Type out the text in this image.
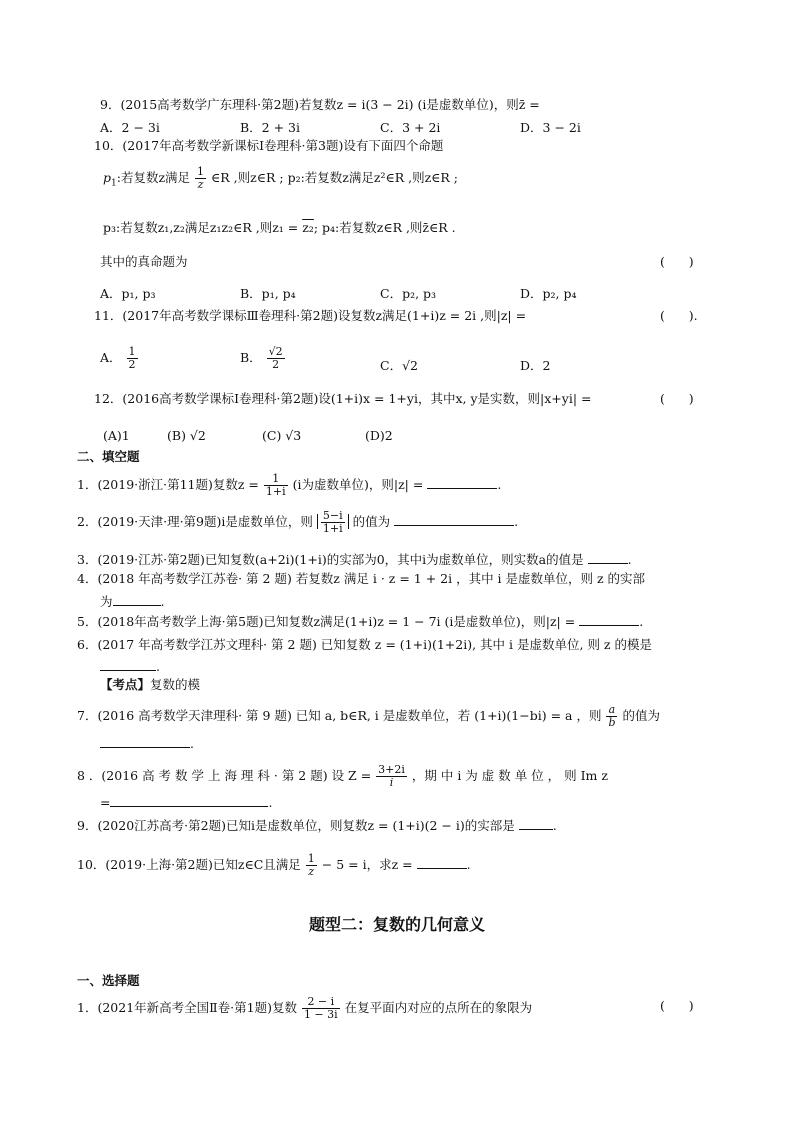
9．(2015高考数学广东理科·第2题)若复数z = i(3 − 2i) (i是虚数单位)，则z̄ =
A．2 − 3i	B．2 + 3i	C．3 + 2i	D．3 − 2i
10．(2017年高考数学新课标Ⅰ卷理科·第3题)设有下面四个命题
$p_1$:若复数z满足 $\frac{1}{z}$ ∈R ,则z∈R ; p₂:若复数z满足z²∈R ,则z∈R ;
p₃:若复数z₁,z₂满足z₁z₂∈R ,则z₁ = z₂; p₄:若复数z∈R ,则z̄∈R .
其中的真命题为	(      )
A．p₁, p₃	B．p₁, p₄	C．p₂, p₃	D．p₂, p₄
11．(2017年高考数学课标Ⅲ卷理科·第2题)设复数z满足(1+i)z = 2i ,则|z| =	(      ).
A． $\frac{1}{2}$	B． $\frac{√2}{2}$	C．√2	D．2
12．(2016高考数学课标Ⅰ卷理科·第2题)设(1+i)x = 1+yi，其中x, y是实数，则|x+yi| =	(      )
(A)1	(B) √2	(C) √3	(D)2
二、填空题
1．(2019·浙江·第11题)复数$z = \frac{1}{1+i} (i$为虚数单位)，则|z| =	.
2．(2019·天津·理·第9题)i是虚数单位，则 $\frac{5-i}{1+i}$ 的值为	.
3．(2019·江苏·第2题)已知复数(a+2i)(1+i)的实部为0，其中i为虚数单位，则实数a的值是	.
4．(2018 年高考数学江苏卷· 第 2 题) 若复数z 满足 i · z = 1 + 2i ，其中 i 是虚数单位，则 z 的实部
为	.
5．(2018年高考数学上海·第5题)已知复数z满足(1+i)z = 1 − 7i (i是虚数单位)，则|z| =	.
6．(2017 年高考数学江苏文理科· 第 2 题) 已知复数 z = (1+i)(1+2i), 其中 i 是虚数单位, 则 z 的模是
.
【考点】复数的模
7．(2016 高考数学天津理科· 第 9 题) 已知 a, b∈R, i 是虚数单位，若 (1+i)(1−bi) = a ，则 $\frac{a}{b}$ 的值为
.
8 ．(2016 高 考 数 学 上 海 理 科 · 第 2 题) 设 $Z = \frac{3+2i}{i}$ ，期 中 i 为 虚 数 单 位 ， 则 Im z
=	.
9．(2020江苏高考·第2题)已知i是虚数单位，则复数z = (1+i)(2 − i)的实部是	.
10．(2019·上海·第2题)已知z∈C且满足 $\frac{1}{z} - 5 = i$，求z =	.
题型二：复数的几何意义
一、选择题
1．(2021年新高考全国Ⅱ卷·第1题)复数 $\frac{2 - i}{1 - 3i}$ 在复平面内对应的点所在的象限为	(      )
